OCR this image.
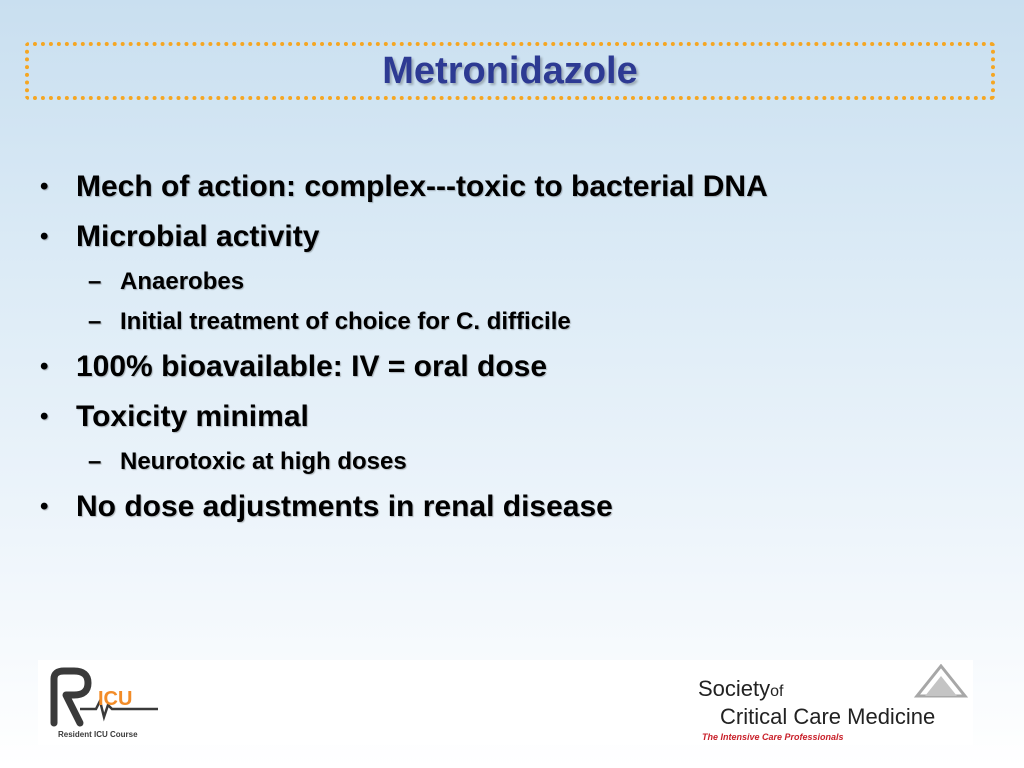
Metronidazole
• Mech of action: complex---toxic to bacterial DNA
• Microbial activity
– Anaerobes
– Initial treatment of choice for C. difficile
• 100% bioavailable: IV = oral dose
• Toxicity minimal
– Neurotoxic at high doses
• No dose adjustments in renal disease
ICU
Resident ICU Course
Societyof
Critical Care Medicine
The Intensive Care Professionals
